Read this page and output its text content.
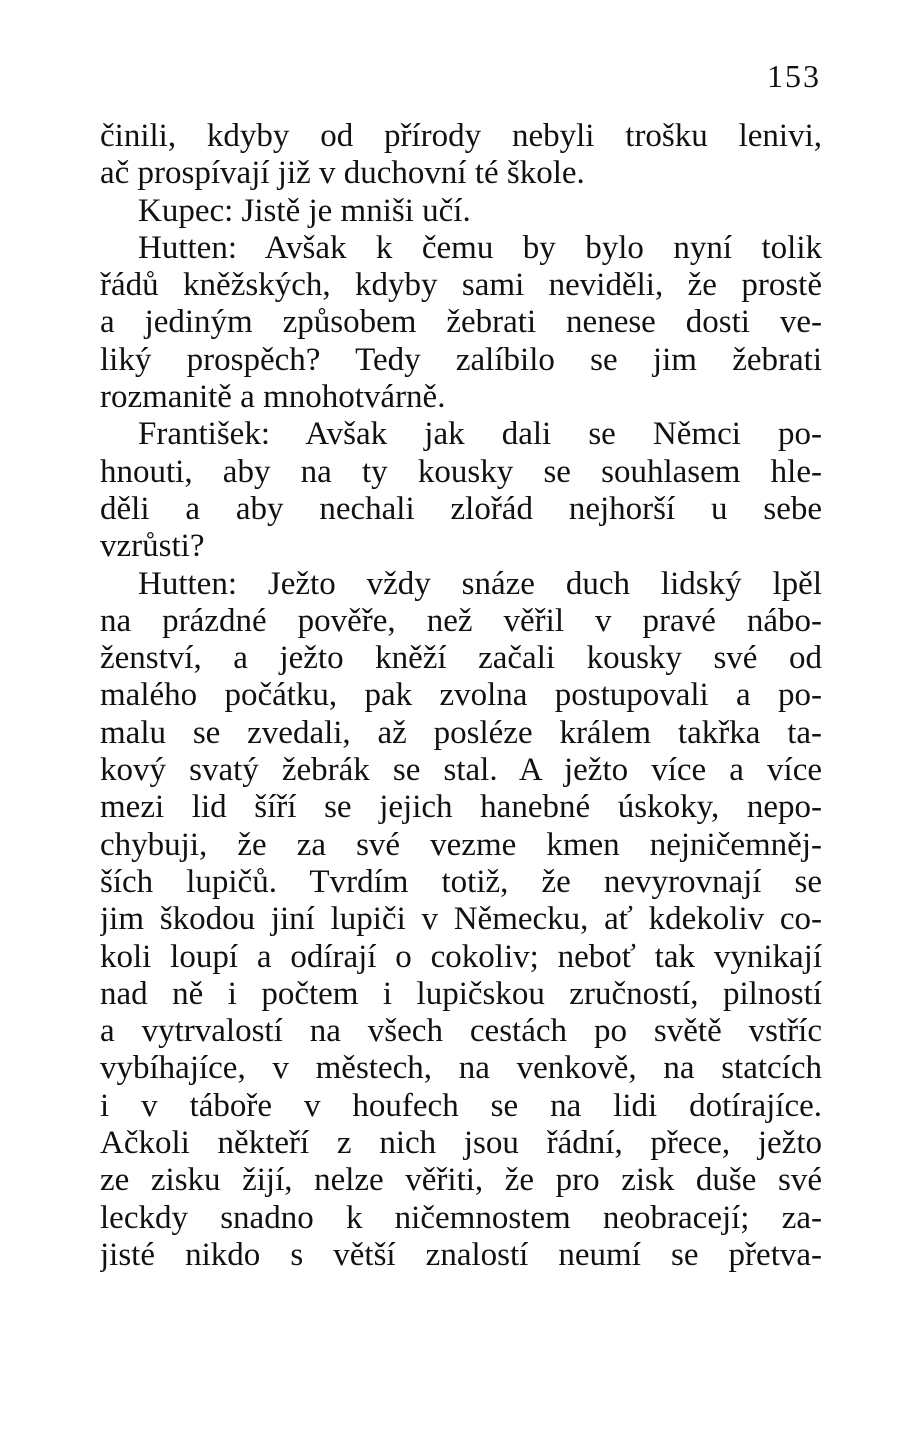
153
činili, kdyby od přírody nebyli trošku lenivi,
ač prospívají již v duchovní té škole.
Kupec: Jistě je mniši učí.
Hutten: Avšak k čemu by bylo nyní tolik
řádů kněžských, kdyby sami neviděli, že prostě
a jediným způsobem žebrati nenese dosti ve-
liký prospěch? Tedy zalíbilo se jim žebrati
rozmanitě a mnohotvárně.
František: Avšak jak dali se Němci po-
hnouti, aby na ty kousky se souhlasem hle-
děli a aby nechali zlořád nejhorší u sebe
vzrůsti?
Hutten: Ježto vždy snáze duch lidský lpěl
na prázdné pověře, než věřil v pravé nábo-
ženství, a ježto kněží začali kousky své od
malého počátku, pak zvolna postupovali a po-
malu se zvedali, až posléze králem takřka ta-
kový svatý žebrák se stal. A ježto více a více
mezi lid šíří se jejich hanebné úskoky, nepo-
chybuji, že za své vezme kmen nejničemněj-
ších lupičů. Tvrdím totiž, že nevyrovnají se
jim škodou jiní lupiči v Německu, ať kdekoliv co-
koli loupí a odírají o cokoliv; neboť tak vynikají
nad ně i počtem i lupičskou zručností, pilností
a vytrvalostí na všech cestách po světě vstříc
vybíhajíce, v městech, na venkově, na statcích
i v táboře v houfech se na lidi dotírajíce.
Ačkoli někteří z nich jsou řádní, přece, ježto
ze zisku žijí, nelze věřiti, že pro zisk duše své
leckdy snadno k ničemnostem neobracejí; za-
jisté nikdo s větší znalostí neumí se přetva-
